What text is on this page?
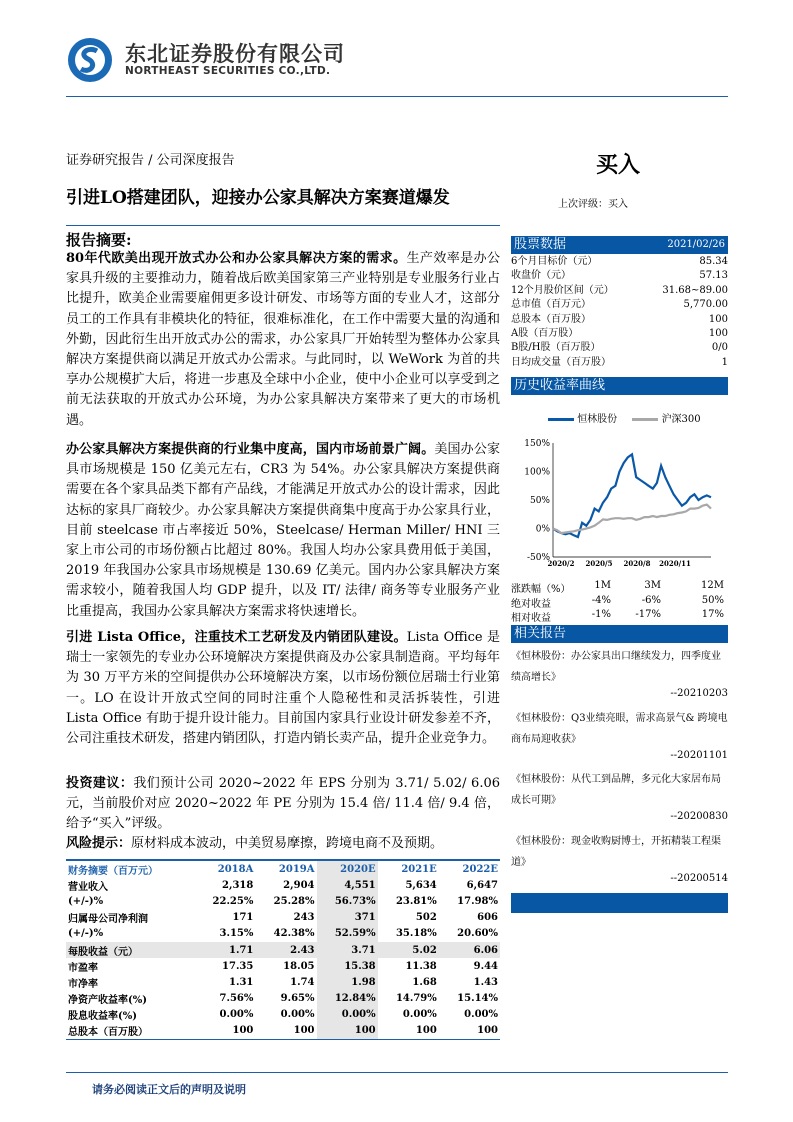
东北证券股份有限公司
NORTHEAST SECURITIES CO.,LTD.
证券研究报告 / 公司深度报告	买入
引进LO搭建团队，迎接办公家具解决方案赛道爆发	上次评级：买入
报告摘要:
80年代欧美出现开放式办公和办公家具解决方案的需求。生产效率是办公家具升级的主要推动力，随着战后欧美国家第三产业特别是专业服务行业占比提升，欧美企业需要雇佣更多设计研发、市场等方面的专业人才，这部分员工的工作具有非模块化的特征，很难标准化，在工作中需要大量的沟通和外勤，因此衍生出开放式办公的需求，办公家具厂开始转型为整体办公家具解决方案提供商以满足开放式办公需求。与此同时，以 WeWork 为首的共享办公规模扩大后，将进一步惠及全球中小企业，使中小企业可以享受到之前无法获取的开放式办公环境，为办公家具解决方案带来了更大的市场机遇。
办公家具解决方案提供商的行业集中度高，国内市场前景广阔。美国办公家具市场规模是 150 亿美元左右，CR3 为 54%。办公家具解决方案提供商需要在各个家具品类下都有产品线，才能满足开放式办公的设计需求，因此达标的家具厂商较少。办公家具解决方案提供商集中度高于办公家具行业，目前 steelcase 市占率接近 50%，Steelcase/ Herman Miller/ HNI 三家上市公司的市场份额占比超过 80%。我国人均办公家具费用低于美国，2019 年我国办公家具市场规模是 130.69 亿美元。国内办公家具解决方案需求较小，随着我国人均 GDP 提升，以及 IT/ 法律/ 商务等专业服务产业比重提高，我国办公家具解决方案需求将快速增长。
引进 Lista Office，注重技术工艺研发及内销团队建设。Lista Office 是瑞士一家领先的专业办公环境解决方案提供商及办公家具制造商。平均每年为 30 万平方米的空间提供办公环境解决方案，以市场份额位居瑞士行业第一。LO 在设计开放式空间的同时注重个人隐秘性和灵活拆装性，引进 Lista Office 有助于提升设计能力。目前国内家具行业设计研发参差不齐，公司注重技术研发，搭建内销团队，打造内销长卖产品，提升企业竞争力。
投资建议：我们预计公司 2020~2022 年 EPS 分别为 3.71/ 5.02/ 6.06 元，当前股价对应 2020~2022 年 PE 分别为 15.4 倍/ 11.4 倍/ 9.4 倍，给予“买入”评级。
风险提示：原材料成本波动，中美贸易摩擦，跨境电商不及预期。
股票数据	2021/02/26
历史收益率曲线
恒林股份	沪深300
150%
100%
50%
0%
-50%
2020/2 2020/5 2020/8 2020/11
相关报告
财务摘要（百万元）	2018A	2019A	2020E	2021E	2022E
营业收入	2,318	2,904	4,551	5,634	6,647
(+/-)%	22.25%	25.28%	56.73%	23.81%	17.98%
归属母公司净利润	171	243	371	502	606
(+/-)%	3.15%	42.38%	52.59%	35.18%	20.60%
每股收益（元）	1.71	2.43	3.71	5.02	6.06
市盈率	17.35	18.05	15.38	11.38	9.44
市净率	1.31	1.74	1.98	1.68	1.43
净资产收益率(%)	7.56%	9.65%	12.84%	14.79%	15.14%
股息收益率(%)	0.00%	0.00%	0.00%	0.00%	0.00%
总股本（百万股）	100	100	100	100	100
请务必阅读正文后的声明及说明
6个月目标价（元）	85.34
收盘价（元）	57.13
12个月股价区间（元）	31.68~89.00
总市值（百万元）	5,770.00
总股本（百万股）	100
A股（百万股）	100
B股/H股（百万股）	0/0
日均成交量（百万股）	1
涨跌幅（%）	1M	3M	12M
绝对收益	-4%	-6%	50%
相对收益	-1%	-17%	17%
《恒林股份：办公家具出口继续发力，四季度业绩高增长》
--20210203
《恒林股份：Q3业绩亮眼，需求高景气& 跨境电商布局迎收获》
--20201101
《恒林股份：从代工到品牌，多元化大家居布局成长可期》
--20200830
《恒林股份：现金收购厨博士，开拓精装工程渠道》
--20200514
